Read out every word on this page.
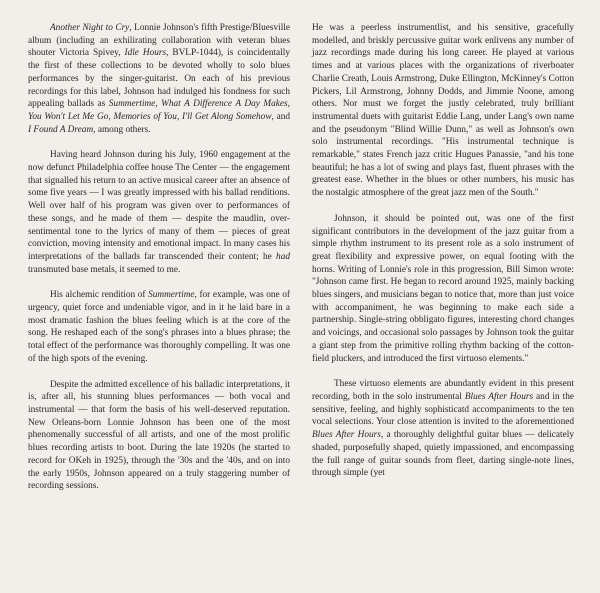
Another Night to Cry, Lonnie Johnson's fifth Prestige/Bluesville album (including an exhilirating collaboration with veteran blues shouter Victoria Spivey, Idle Hours, BVLP-1044), is coincidentally the first of these collections to be devoted wholly to solo blues performances by the singer-guitarist. On each of his previous recordings for this label, Johnson had indulged his fondness for such appealing ballads as Summertime, What A Difference A Day Makes, You Won't Let Me Go, Memories of You, I'll Get Along Somehow, and I Found A Dream, among others.

Having heard Johnson during his July, 1960 engagement at the now defunct Philadelphia coffee house The Center — the engagement that signalled his return to an active musical career after an absence of some five years — I was greatly impressed with his ballad renditions. Well over half of his program was given over to performances of these songs, and he made of them — despite the maudlin, over-sentimental tone to the lyrics of many of them — pieces of great conviction, moving intensity and emotional impact. In many cases his interpretations of the ballads far transcended their content; he had transmuted base metals, it seemed to me.

His alchemic rendition of Summertime, for example, was one of urgency, quiet force and undeniable vigor, and in it he laid bare in a most dramatic fashion the blues feeling which is at the core of the song. He reshaped each of the song's phrases into a blues phrase; the total effect of the performance was thoroughly compelling. It was one of the high spots of the evening.

Despite the admitted excellence of his balladic interpretations, it is, after all, his stunning blues performances — both vocal and instrumental — that form the basis of his well-deserved reputation. New Orleans-born Lonnie Johnson has been one of the most phenomenally successful of all artists, and one of the most prolific blues recording artists to boot. During the late 1920s (he started to record for OKeh in 1925), through the '30s and the '40s, and on into the early 1950s, Johnson appeared on a truly staggering number of recording sessions.

He was a peerless instrumentlist, and his sensitive, gracefully modelled, and briskly percussive guitar work enlivens any number of jazz recordings made during his long career. He played at various times and at various places with the organizations of riverboater Charlie Creath, Louis Armstrong, Duke Ellington, McKinney's Cotton Pickers, Lil Armstrong, Johnny Dodds, and Jimmie Noone, among others. Nor must we forget the justly celebrated, truly brilliant instrumental duets with guitarist Eddie Lang, under Lang's own name and the pseudonym "Blind Willie Dunn," as well as Johnson's own solo instrumental recordings. "His instrumental technique is remarkable," states French jazz critic Hugues Panassie, "and his tone beautiful; he has a lot of swing and plays fast, fluent phrases with the greatest ease. Whether in the blues or other numbers, his music has the nostalgic atmosphere of the great jazz men of the South."

Johnson, it should be pointed out, was one of the first significant contributors in the development of the jazz guitar from a simple rhythm instrument to its present role as a solo instrument of great flexibility and expressive power, on equal footing with the horns. Writing of Lonnie's role in this progression, Bill Simon wrote: "Johnson came first. He began to record around 1925, mainly backing blues singers, and musicians began to notice that, more than just voice with accompaniment, he was beginning to make each side a partnership. Single-string obbligato figures, interesting chord changes and voicings, and occasional solo passages by Johnson took the guitar a giant step from the primitive rolling rhythm backing of the cotton-field pluckers, and introduced the first virtuoso elements."

These virtuoso elements are abundantly evident in this present recording, both in the solo instrumental Blues After Hours and in the sensitive, feeling, and highly sophisticatd accompaniments to the ten vocal selections. Your close attention is invited to the aforementioned Blues After Hours, a thoroughly delightful guitar blues — delicately shaded, purposefully shaped, quietly impassioned, and encompassing the full range of guitar sounds from fleet, darting single-note lines, through simple (yet
